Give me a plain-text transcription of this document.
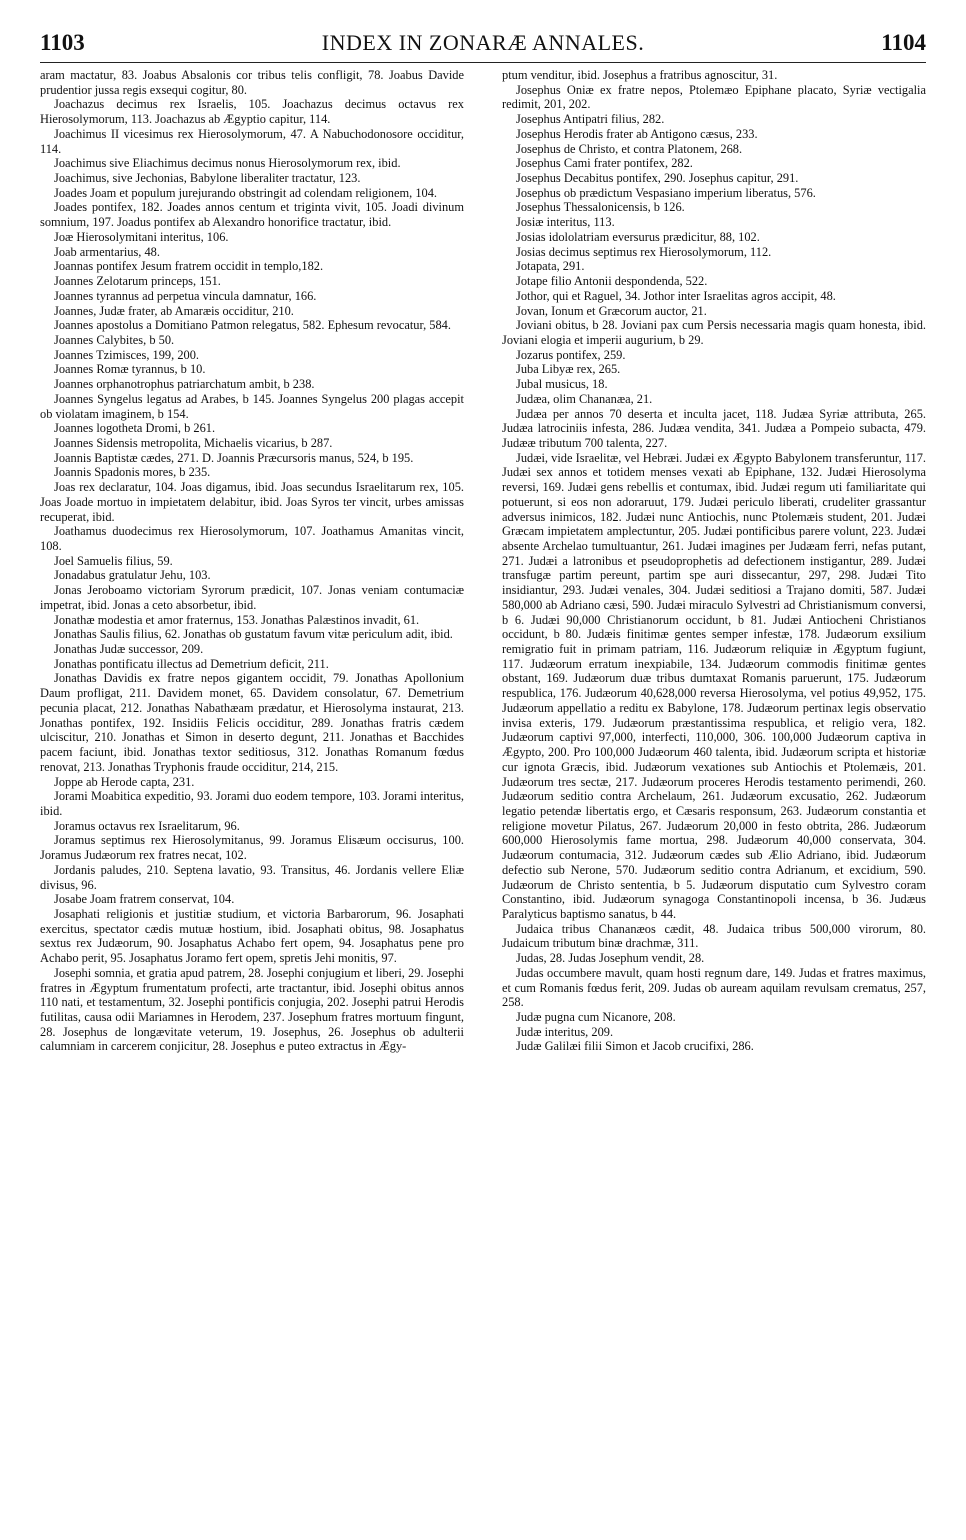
1103	INDEX IN ZONARÆ ANNALES.	1104

aram mactatur, 83. Joabus Absalonis cor tribus telis confligit, 78. Joabus Davide prudentior jussa regis exsequi cogitur, 80.

Joachazus decimus rex Israelis, 105. Joachazus decimus octavus rex Hierosolymorum, 113. Joachazus ab Ægyptio capitur, 114.

Joachimus II vicesimus rex Hierosolymorum, 47. A Nabuchodonosore occiditur, 114.

Joachimus sive Eliachimus decimus nonus Hierosolymorum rex, ibid.

Joachimus, sive Jechonias, Babylone liberaliter tractatur, 123.

Joades Joam et populum jurejurando obstringit ad colendam religionem, 104.

Joades pontifex, 182. Joades annos centum et triginta vivit, 105. Joadi divinum somnium, 197. Joadus pontifex ab Alexandro honorifice tractatur, ibid.

Joæ Hierosolymitani interitus, 106.

Joab armentarius, 48.

Joannas pontifex Jesum fratrem occidit in templo,182.

Joannes Zelotarum princeps, 151.

Joannes tyrannus ad perpetua vincula damnatur, 166.

Joannes, Judæ frater, ab Amaræis occiditur, 210.

Joannes apostolus a Domitiano Patmon relegatus, 582. Ephesum revocatur, 584.

Joannes Calybites, b 50.

Joannes Tzimisces, 199, 200.

Joannes Romæ tyrannus, b 10.

Joannes orphanotrophus patriarchatum ambit, b 238.

Joannes Syngelus legatus ad Arabes, b 145. Joannes Syngelus 200 plagas accepit ob violatam imaginem, b 154.

Joannes logotheta Dromi, b 261.

Joannes Sidensis metropolita, Michaelis vicarius, b 287.

Joannis Baptistæ cædes, 271. D. Joannis Præcursoris manus, 524, b 195.

Joannis Spadonis mores, b 235.

Joas rex declaratur, 104. Joas digamus, ibid. Joas secundus Israelitarum rex, 105. Joas Joade mortuo in impietatem delabitur, ibid. Joas Syros ter vincit, urbes amissas recuperat, ibid.

Joathamus duodecimus rex Hierosolymorum, 107. Joathamus Amanitas vincit, 108.

Joel Samuelis filius, 59.

Jonadabus gratulatur Jehu, 103.

Jonas Jeroboamo victoriam Syrorum prædicit, 107. Jonas veniam contumaciæ impetrat, ibid. Jonas a ceto absorbetur, ibid.

Jonathæ modestia et amor fraternus, 153. Jonathas Palæstinos invadit, 61.

Jonathas Saulis filius, 62. Jonathas ob gustatum favum vitæ periculum adit, ibid.

Jonathas Judæ successor, 209.

Jonathas pontificatu illectus ad Demetrium deficit, 211.

Jonathas Davidis ex fratre nepos gigantem occidit, 79. Jonathas Apollonium Daum profligat, 211. Davidem monet, 65. Davidem consolatur, 67. Demetrium pecunia placat, 212. Jonathas Nabathæam prædatur, et Hierosolyma instaurat, 213. Jonathas pontifex, 192. Insidiis Felicis occiditur, 289. Jonathas fratris cædem ulciscitur, 210. Jonathas et Simon in deserto degunt, 211. Jonathas et Bacchides pacem faciunt, ibid. Jonathas textor seditiosus, 312. Jonathas Romanum fœdus renovat, 213. Jonathas Tryphonis fraude occiditur, 214, 215.

Joppe ab Herode capta, 231.

Jorami Moabitica expeditio, 93. Jorami duo eodem tempore, 103. Jorami interitus, ibid.

Joramus octavus rex Israelitarum, 96.

Joramus septimus rex Hierosolymitanus, 99. Joramus Elisæum occisurus, 100. Joramus Judæorum rex fratres necat, 102.

Jordanis paludes, 210. Septena lavatio, 93. Transitus, 46. Jordanis vellere Eliæ divisus, 96.

Josabe Joam fratrem conservat, 104.

Josaphati religionis et justitiæ studium, et victoria Barbarorum, 96. Josaphati exercitus, spectator cædis mutuæ hostium, ibid. Josaphati obitus, 98. Josaphatus sextus rex Judæorum, 90. Josaphatus Achabo fert opem, 94. Josaphatus pene pro Achabo perit, 95. Josaphatus Joramo fert opem, spretis Jehi monitis, 97.

Josephi somnia, et gratia apud patrem, 28. Josephi conjugium et liberi, 29. Josephi fratres in Ægyptum frumentatum profecti, arte tractantur, ibid. Josephi obitus annos 110 nati, et testamentum, 32. Josephi pontificis conjugia, 202. Josephi patrui Herodis futilitas, causa odii Mariamnes in Herodem, 237. Josephum fratres mortuum fingunt, 28. Josephus de longævitate veterum, 19. Josephus, 26. Josephus ob adulterii calumniam in carcerem conjicitur, 28. Josephus e puteo extractus in Ægy-

ptum venditur, ibid. Josephus a fratribus agnoscitur, 31.

Josephus Oniæ ex fratre nepos, Ptolemæo Epiphane placato, Syriæ vectigalia redimit, 201, 202.

Josephus Antipatri filius, 282.

Josephus Herodis frater ab Antigono cæsus, 233.

Josephus de Christo, et contra Platonem, 268.

Josephus Cami frater pontifex, 282.

Josephus Decabitus pontifex, 290. Josephus capitur, 291.

Josephus ob prædictum Vespasiano imperium liberatus, 576.

Josephus Thessalonicensis, b 126.

Josiæ interitus, 113.

Josias idololatriam eversurus prædicitur, 88, 102.

Josias decimus septimus rex Hierosolymorum, 112.

Jotapata, 291.

Jotape filio Antonii despondenda, 522.

Jothor, qui et Raguel, 34. Jothor inter Israelitas agros accipit, 48.

Jovan, Ionum et Græcorum auctor, 21.

Joviani obitus, b 28. Joviani pax cum Persis necessaria magis quam honesta, ibid. Joviani elogia et imperii augurium, b 29.

Jozarus pontifex, 259.

Juba Libyæ rex, 265.

Jubal musicus, 18.

Judæa, olim Chananæa, 21.

Judæa per annos 70 deserta et inculta jacet, 118. Judæa Syriæ attributa, 265. Judæa latrociniis infesta, 286. Judæa vendita, 341. Judæa a Pompeio subacta, 479. Judææ tributum 700 talenta, 227.

Judæi, vide Israelitæ, vel Hebræi. Judæi ex Ægypto Babylonem transferuntur, 117. Judæi sex annos et totidem menses vexati ab Epiphane, 132. Judæi Hierosolyma reversi, 169. Judæi gens rebellis et contumax, ibid. Judæi regum uti familiaritate qui potuerunt, si eos non adoraruut, 179. Judæi periculo liberati, crudeliter grassantur adversus inimicos, 182. Judæi nunc Antiochis, nunc Ptolemæis student, 201. Judæi Græcam impietatem amplectuntur, 205. Judæi pontificibus parere volunt, 223. Judæi absente Archelao tumultuantur, 261. Judæi imagines per Judæam ferri, nefas putant, 271. Judæi a latronibus et pseudoprophetis ad defectionem instigantur, 289. Judæi transfugæ partim pereunt, partim spe auri dissecantur, 297, 298. Judæi Tito insidiantur, 293. Judæi venales, 304. Judæi seditiosi a Trajano domiti, 587. Judæi 580,000 ab Adriano cæsi, 590. Judæi miraculo Sylvestri ad Christianismum conversi, b 6. Judæi 90,000 Christianorum occidunt, b 81. Judæi Antiocheni Christianos occidunt, b 80. Judæis finitimæ gentes semper infestæ, 178. Judæorum exsilium remigratio fuit in primam patriam, 116. Judæorum reliquiæ in Ægyptum fugiunt, 117. Judæorum erratum inexpiabile, 134. Judæorum commodis finitimæ gentes obstant, 169. Judæorum duæ tribus dumtaxat Romanis paruerunt, 175. Judæorum respublica, 176. Judæorum 40,628,000 reversa Hierosolyma, vel potius 49,952, 175. Judæorum appellatio a reditu ex Babylone, 178. Judæorum pertinax legis observatio invisa exteris, 179. Judæorum præstantissima respublica, et religio vera, 182. Judæorum captivi 97,000, interfecti, 110,000, 306. 100,000 Judæorum captiva in Ægypto, 200. Pro 100,000 Judæorum 460 talenta, ibid. Judæorum scripta et historiæ cur ignota Græcis, ibid. Judæorum vexationes sub Antiochis et Ptolemæis, 201. Judæorum tres sectæ, 217. Judæorum proceres Herodis testamento perimendi, 260. Judæorum seditio contra Archelaum, 261. Judæorum excusatio, 262. Judæorum legatio petendæ libertatis ergo, et Cæsaris responsum, 263. Judæorum constantia et religione movetur Pilatus, 267. Judæorum 20,000 in festo obtrita, 286. Judæorum 600,000 Hierosolymis fame mortua, 298. Judæorum 40,000 conservata, 304. Judæorum contumacia, 312. Judæorum cædes sub Ælio Adriano, ibid. Judæorum defectio sub Nerone, 570. Judæorum seditio contra Adrianum, et excidium, 590. Judæorum de Christo sententia, b 5. Judæorum disputatio cum Sylvestro coram Constantino, ibid. Judæorum synagoga Constantinopoli incensa, b 36. Judæus Paralyticus baptismo sanatus, b 44.

Judaica tribus Chananæos cædit, 48. Judaica tribus 500,000 virorum, 80. Judaicum tributum binæ drachmæ, 311.

Judas, 28. Judas Josephum vendit, 28.

Judas occumbere mavult, quam hosti regnum dare, 149. Judas et fratres maximus, et cum Romanis fœdus ferit, 209. Judas ob auream aquilam revulsam crematus, 257, 258.

Judæ pugna cum Nicanore, 208.

Judæ interitus, 209.

Judæ Galilæi filii Simon et Jacob crucifixi, 286.
